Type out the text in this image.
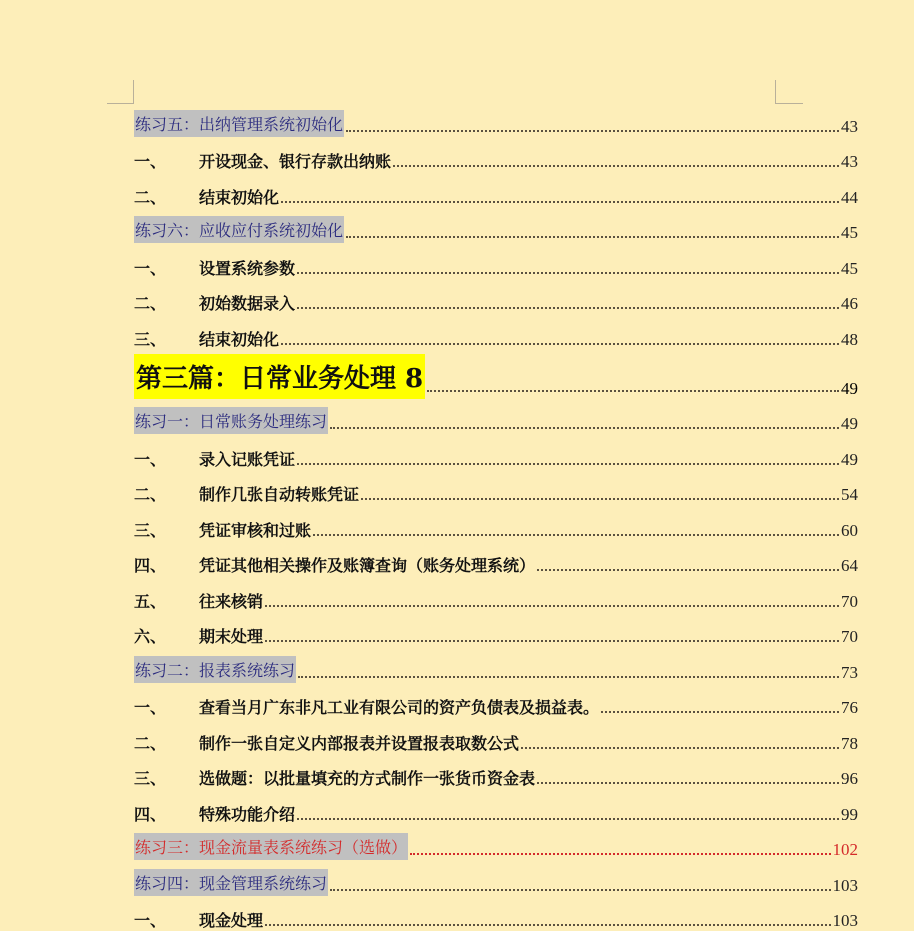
练习五：出纳管理系统初始化	43
一、 开设现金、银行存款出纳账	43
二、 结束初始化	44
练习六：应收应付系统初始化	45
一、 设置系统参数	45
二、 初始数据录入	46
三、 结束初始化	48
第三篇：日常业务处理 8	49
练习一：日常账务处理练习	49
一、 录入记账凭证	49
二、 制作几张自动转账凭证	54
三、 凭证审核和过账	60
四、 凭证其他相关操作及账簿查询（账务处理系统）	64
五、 往来核销	70
六、 期末处理	70
练习二：报表系统练习	73
一、 查看当月广东非凡工业有限公司的资产负债表及损益表。	76
二、 制作一张自定义内部报表并设置报表取数公式	78
三、 选做题：以批量填充的方式制作一张货币资金表	96
四、 特殊功能介绍	99
练习三：现金流量表系统练习（选做）	102
练习四：现金管理系统练习	103
一、 现金处理	103
